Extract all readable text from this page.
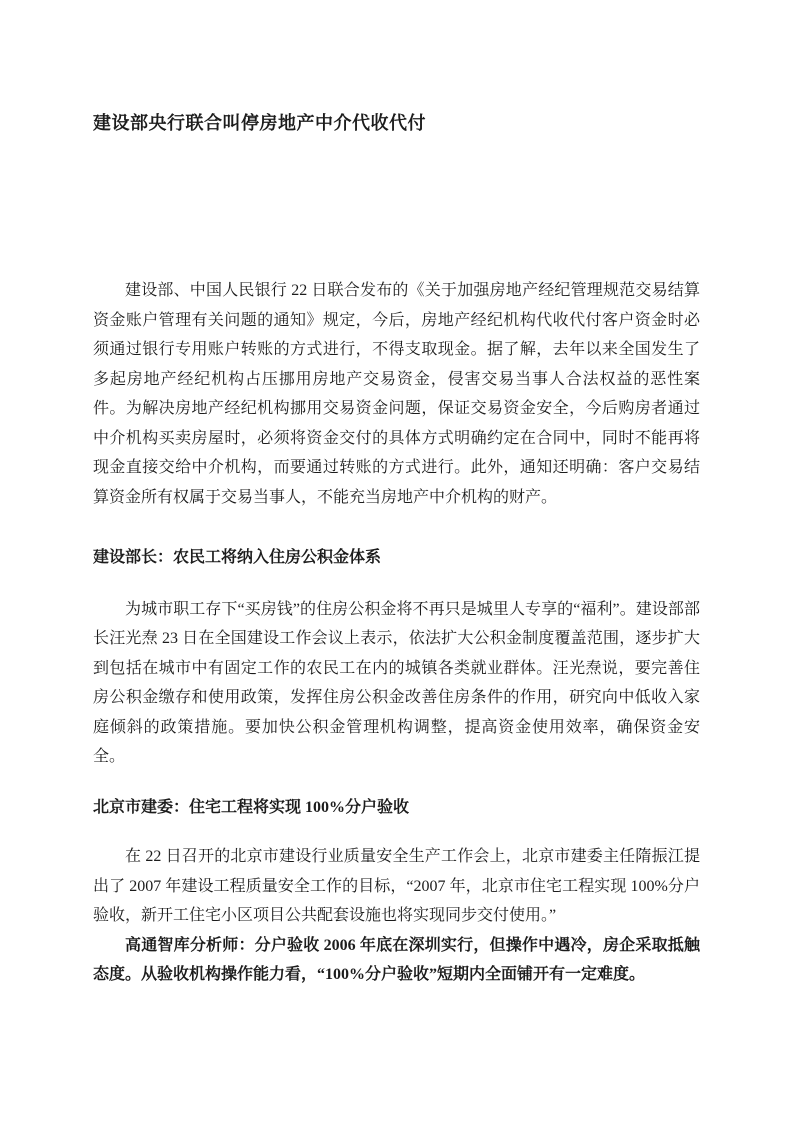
建设部央行联合叫停房地产中介代收代付

建设部、中国人民银行 22 日联合发布的《关于加强房地产经纪管理规范交易结算资金账户管理有关问题的通知》规定，今后，房地产经纪机构代收代付客户资金时必须通过银行专用账户转账的方式进行，不得支取现金。据了解，去年以来全国发生了多起房地产经纪机构占压挪用房地产交易资金，侵害交易当事人合法权益的恶性案件。为解决房地产经纪机构挪用交易资金问题，保证交易资金安全，今后购房者通过中介机构买卖房屋时，必须将资金交付的具体方式明确约定在合同中，同时不能再将现金直接交给中介机构，而要通过转账的方式进行。此外，通知还明确：客户交易结算资金所有权属于交易当事人，不能充当房地产中介机构的财产。

建设部长：农民工将纳入住房公积金体系

为城市职工存下“买房钱”的住房公积金将不再只是城里人专享的“福利”。建设部部长汪光焘 23 日在全国建设工作会议上表示，依法扩大公积金制度覆盖范围，逐步扩大到包括在城市中有固定工作的农民工在内的城镇各类就业群体。汪光焘说，要完善住房公积金缴存和使用政策，发挥住房公积金改善住房条件的作用，研究向中低收入家庭倾斜的政策措施。要加快公积金管理机构调整，提高资金使用效率，确保资金安全。

北京市建委：住宅工程将实现 100%分户验收

在 22 日召开的北京市建设行业质量安全生产工作会上，北京市建委主任隋振江提出了 2007 年建设工程质量安全工作的目标，“2007 年，北京市住宅工程实现 100%分户验收，新开工住宅小区项目公共配套设施也将实现同步交付使用。”

高通智库分析师：分户验收 2006 年底在深圳实行，但操作中遇冷，房企采取抵触态度。从验收机构操作能力看，“100%分户验收”短期内全面铺开有一定难度。
